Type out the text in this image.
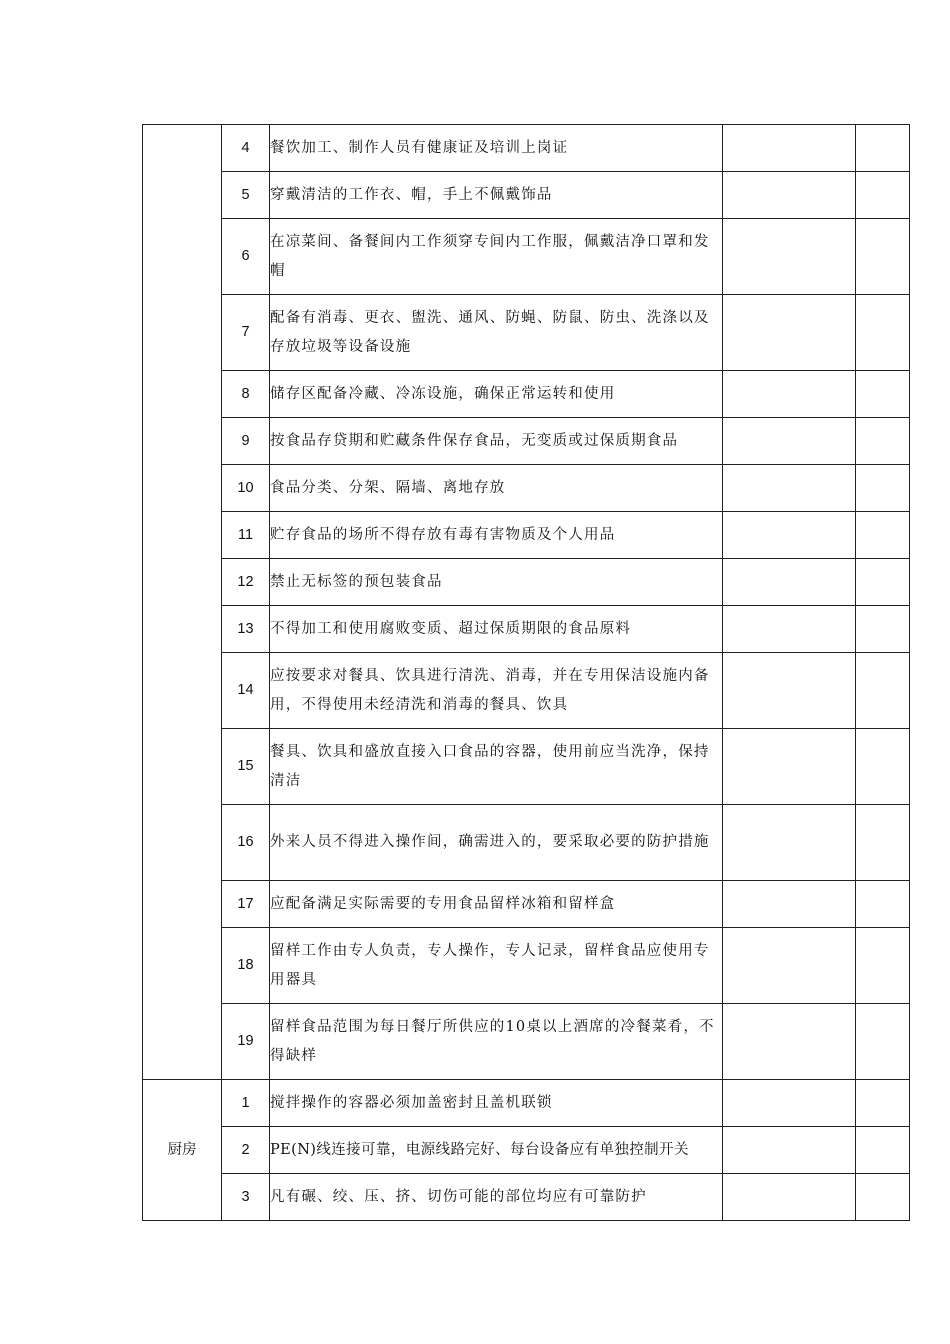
	4	餐饮加工、制作人员有健康证及培训上岗证		
	5	穿戴清洁的工作衣、帽，手上不佩戴饰品		
	6	在凉菜间、备餐间内工作须穿专间内工作服，佩戴洁净口罩和发帽		
	7	配备有消毒、更衣、盥洗、通风、防蝇、防鼠、防虫、洗涤以及存放垃圾等设备设施		
	8	储存区配备冷藏、冷冻设施，确保正常运转和使用		
	9	按食品存贷期和贮藏条件保存食品，无变质或过保质期食品		
	10	食品分类、分架、隔墙、离地存放		
	11	贮存食品的场所不得存放有毒有害物质及个人用品		
	12	禁止无标签的预包装食品		
	13	不得加工和使用腐败变质、超过保质期限的食品原料		
	14	应按要求对餐具、饮具进行清洗、消毒，并在专用保洁设施内备用，不得使用未经清洗和消毒的餐具、饮具		
	15	餐具、饮具和盛放直接入口食品的容器，使用前应当洗净，保持清洁		
	16	外来人员不得进入操作间，确需进入的，要采取必要的防护措施		
	17	应配备满足实际需要的专用食品留样冰箱和留样盒		
	18	留样工作由专人负责，专人操作，专人记录，留样食品应使用专用器具		
	19	留样食品范围为每日餐厅所供应的10桌以上酒席的冷餐菜肴，不得缺样		
厨房	1	搅拌操作的容器必须加盖密封且盖机联锁		
	2	PE(N)线连接可靠，电源线路完好、每台设备应有单独控制开关		
	3	凡有碾、绞、压、挤、切伤可能的部位均应有可靠防护		
